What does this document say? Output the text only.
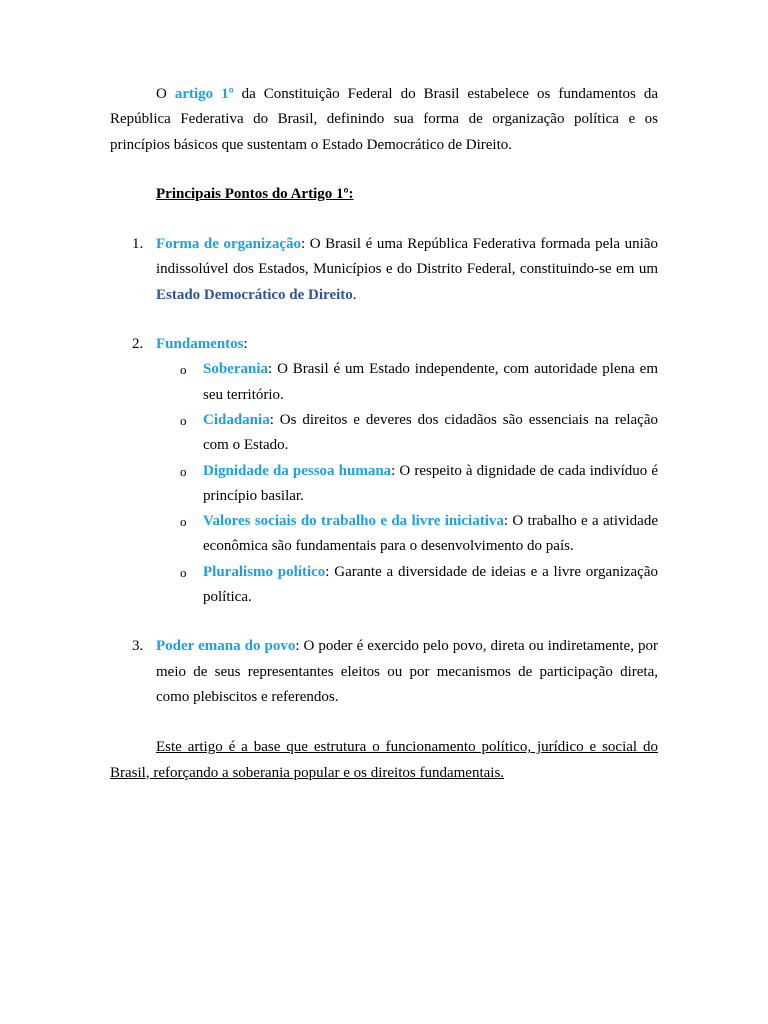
O artigo 1º da Constituição Federal do Brasil estabelece os fundamentos da República Federativa do Brasil, definindo sua forma de organização política e os princípios básicos que sustentam o Estado Democrático de Direito.

Principais Pontos do Artigo 1º:

1. Forma de organização: O Brasil é uma República Federativa formada pela união indissolúvel dos Estados, Municípios e do Distrito Federal, constituindo-se em um Estado Democrático de Direito.

2. Fundamentos:

o Soberania: O Brasil é um Estado independente, com autoridade plena em seu território.

o Cidadania: Os direitos e deveres dos cidadãos são essenciais na relação com o Estado.

o Dignidade da pessoa humana: O respeito à dignidade de cada indivíduo é princípio basilar.

o Valores sociais do trabalho e da livre iniciativa: O trabalho e a atividade econômica são fundamentais para o desenvolvimento do país.

o Pluralismo político: Garante a diversidade de ideias e a livre organização política.

3. Poder emana do povo: O poder é exercido pelo povo, direta ou indiretamente, por meio de seus representantes eleitos ou por mecanismos de participação direta, como plebiscitos e referendos.

Este artigo é a base que estrutura o funcionamento político, jurídico e social do Brasil, reforçando a soberania popular e os direitos fundamentais.
